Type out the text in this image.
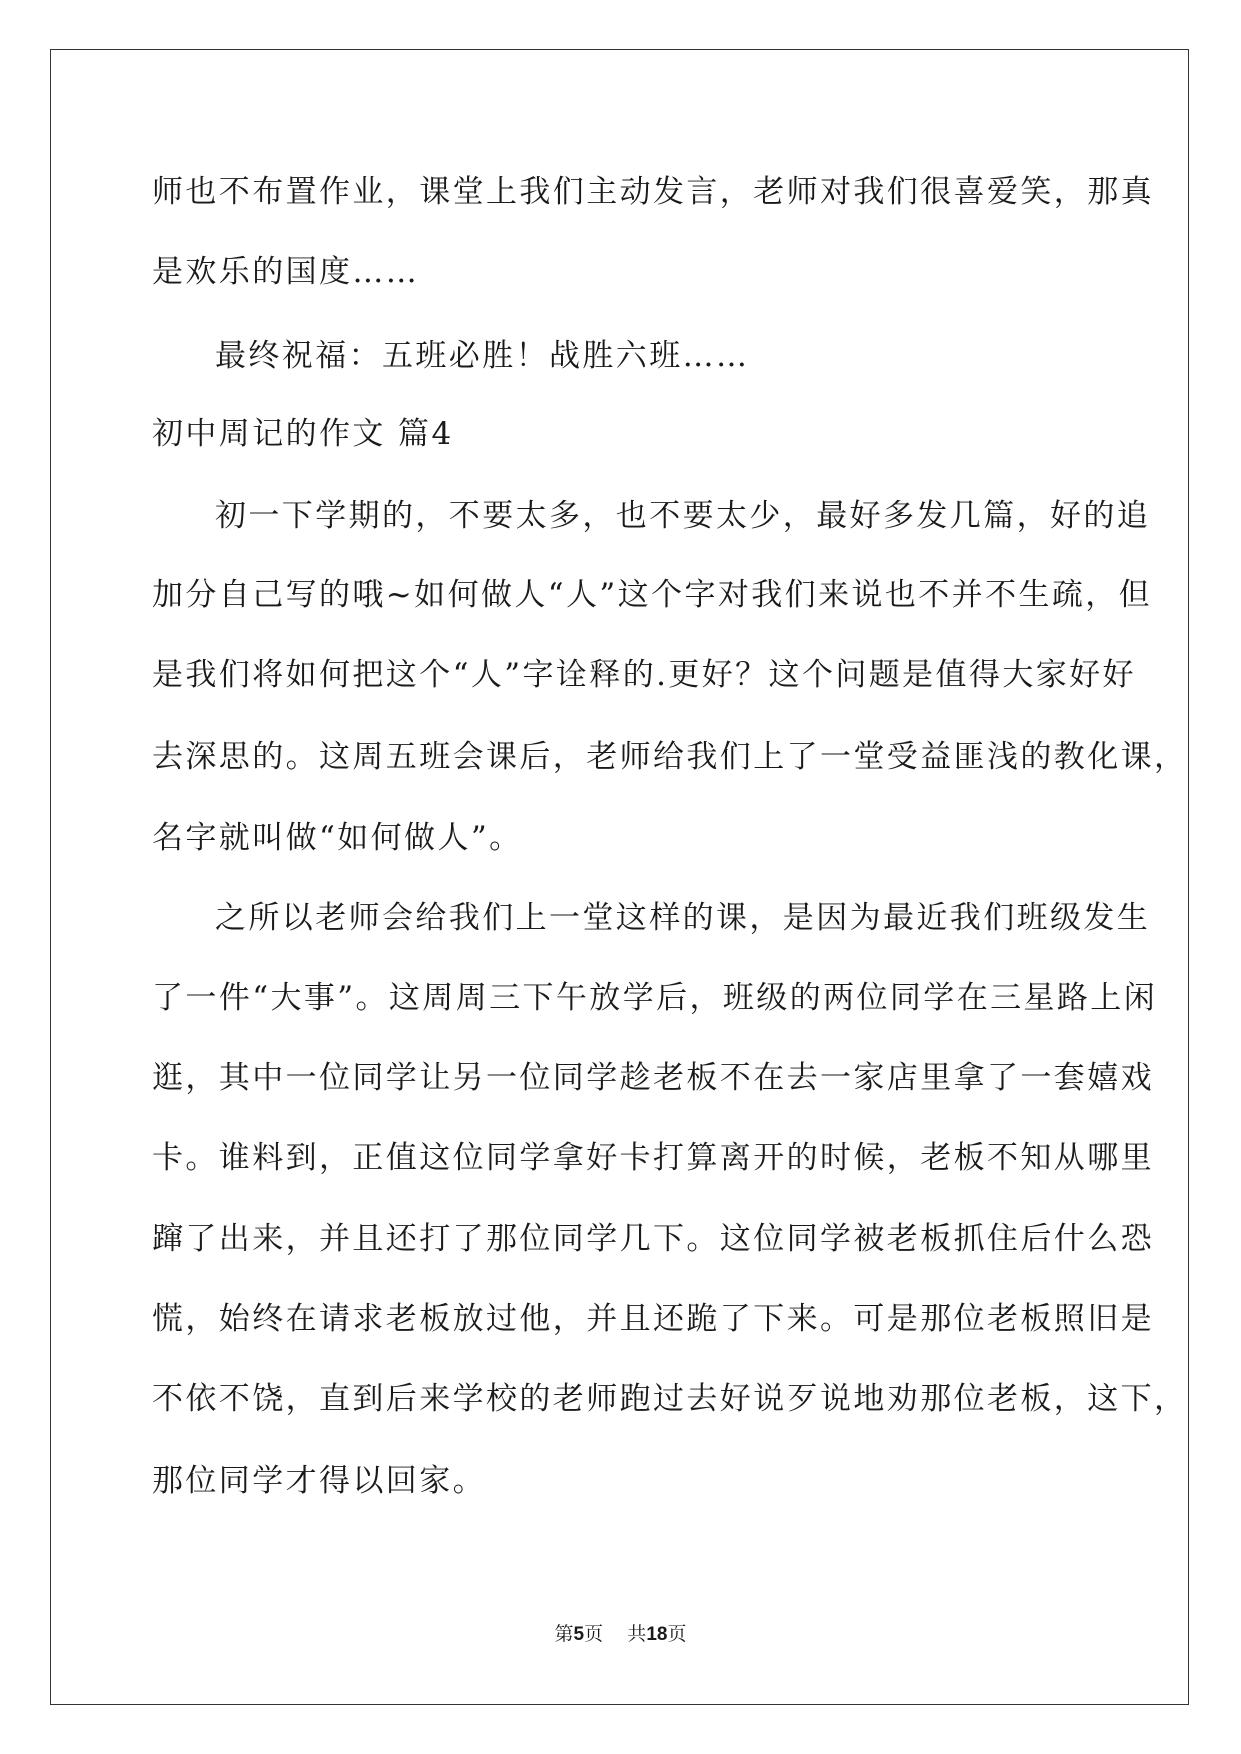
师也不布置作业，课堂上我们主动发言，老师对我们很喜爱笑，那真
是欢乐的国度……
最终祝福：五班必胜！战胜六班……
初中周记的作文 篇4
初一下学期的，不要太多，也不要太少，最好多发几篇，好的追
加分自己写的哦~如何做人“人”这个字对我们来说也不并不生疏，但
是我们将如何把这个“人”字诠释的.更好？这个问题是值得大家好好
去深思的。这周五班会课后，老师给我们上了一堂受益匪浅的教化课，
名字就叫做“如何做人”。
之所以老师会给我们上一堂这样的课，是因为最近我们班级发生
了一件“大事”。这周周三下午放学后，班级的两位同学在三星路上闲
逛，其中一位同学让另一位同学趁老板不在去一家店里拿了一套嬉戏
卡。谁料到，正值这位同学拿好卡打算离开的时候，老板不知从哪里
蹿了出来，并且还打了那位同学几下。这位同学被老板抓住后什么恐
慌，始终在请求老板放过他，并且还跪了下来。可是那位老板照旧是
不依不饶，直到后来学校的老师跑过去好说歹说地劝那位老板，这下，
那位同学才得以回家。
第5页 共18页
